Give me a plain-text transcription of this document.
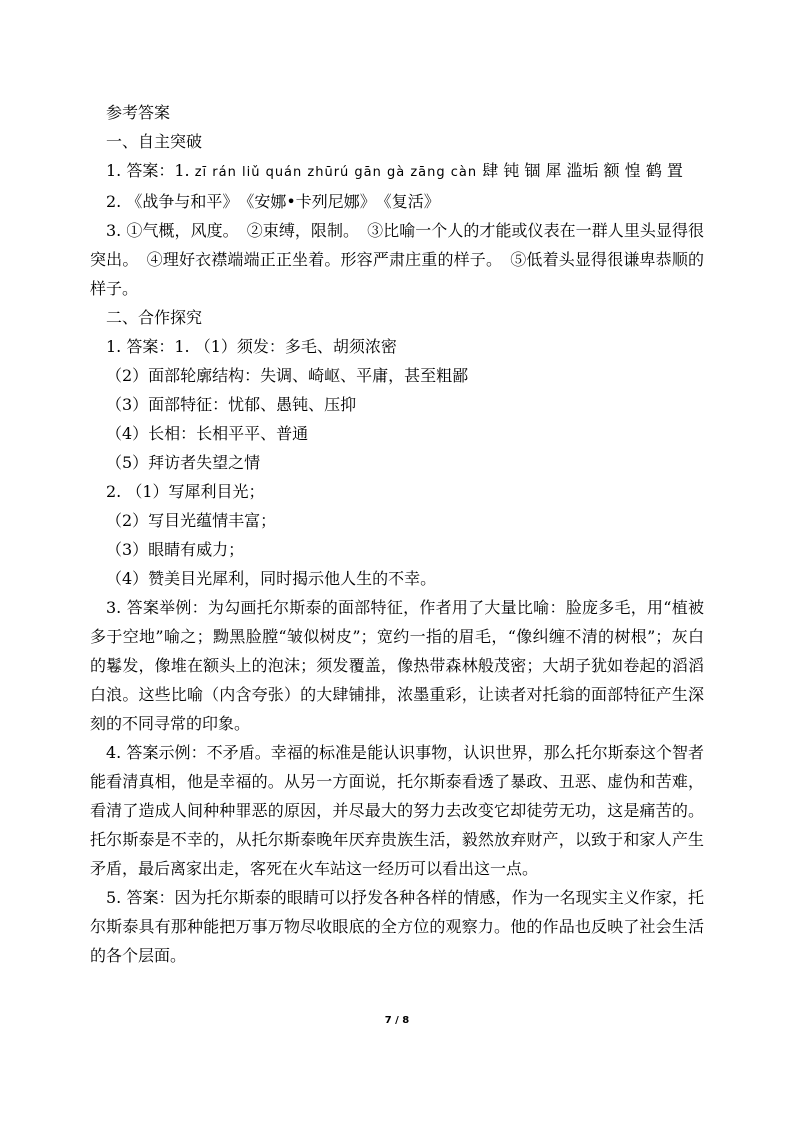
参考答案

一、自主突破

1. 答案：1. zī rán liǔ quán zhūrú gān gà zāng càn 肆 钝 锢 犀 滥垢 额 惶 鹤 置

2. 《战争与和平》　《安娜•卡列尼娜》　《复活》

3. ①气概，风度。　②束缚，限制。　③比喻一个人的才能或仪表在一群人里头显得很突出。　④理好衣襟端端正正坐着。形容严肃庄重的样子。　⑤低着头显得很谦卑恭顺的样子。

二、合作探究

1. 答案：1. （1）须发：多毛、胡须浓密

（2）面部轮廓结构：失调、崎岖、平庸，甚至粗鄙

（3）面部特征：忧郁、愚钝、压抑

（4）长相：长相平平、普通

（5）拜访者失望之情

2. （1）写犀利目光；

（2）写目光蕴情丰富；

（3）眼睛有威力；

（4）赞美目光犀利，同时揭示他人生的不幸。

3. 答案举例：为勾画托尔斯泰的面部特征，作者用了大量比喻：脸庞多毛，用“植被多于空地”喻之；黝黑脸膛“皱似树皮”；宽约一指的眉毛，“像纠缠不清的树根”；灰白的鬈发，像堆在额头上的泡沫；须发覆盖，像热带森林般茂密；大胡子犹如卷起的滔滔白浪。这些比喻（内含夸张）的大肆铺排，浓墨重彩，让读者对托翁的面部特征产生深刻的不同寻常的印象。

4. 答案示例：不矛盾。幸福的标准是能认识事物，认识世界，那么托尔斯泰这个智者能看清真相，他是幸福的。从另一方面说，托尔斯泰看透了暴政、丑恶、虚伪和苦难，看清了造成人间种种罪恶的原因，并尽最大的努力去改变它却徒劳无功，这是痛苦的。托尔斯泰是不幸的，从托尔斯泰晚年厌弃贵族生活，毅然放弃财产，以致于和家人产生矛盾，最后离家出走，客死在火车站这一经历可以看出这一点。

5. 答案：因为托尔斯泰的眼睛可以抒发各种各样的情感，作为一名现实主义作家，托尔斯泰具有那种能把万事万物尽收眼底的全方位的观察力。他的作品也反映了社会生活的各个层面。

7 / 8
